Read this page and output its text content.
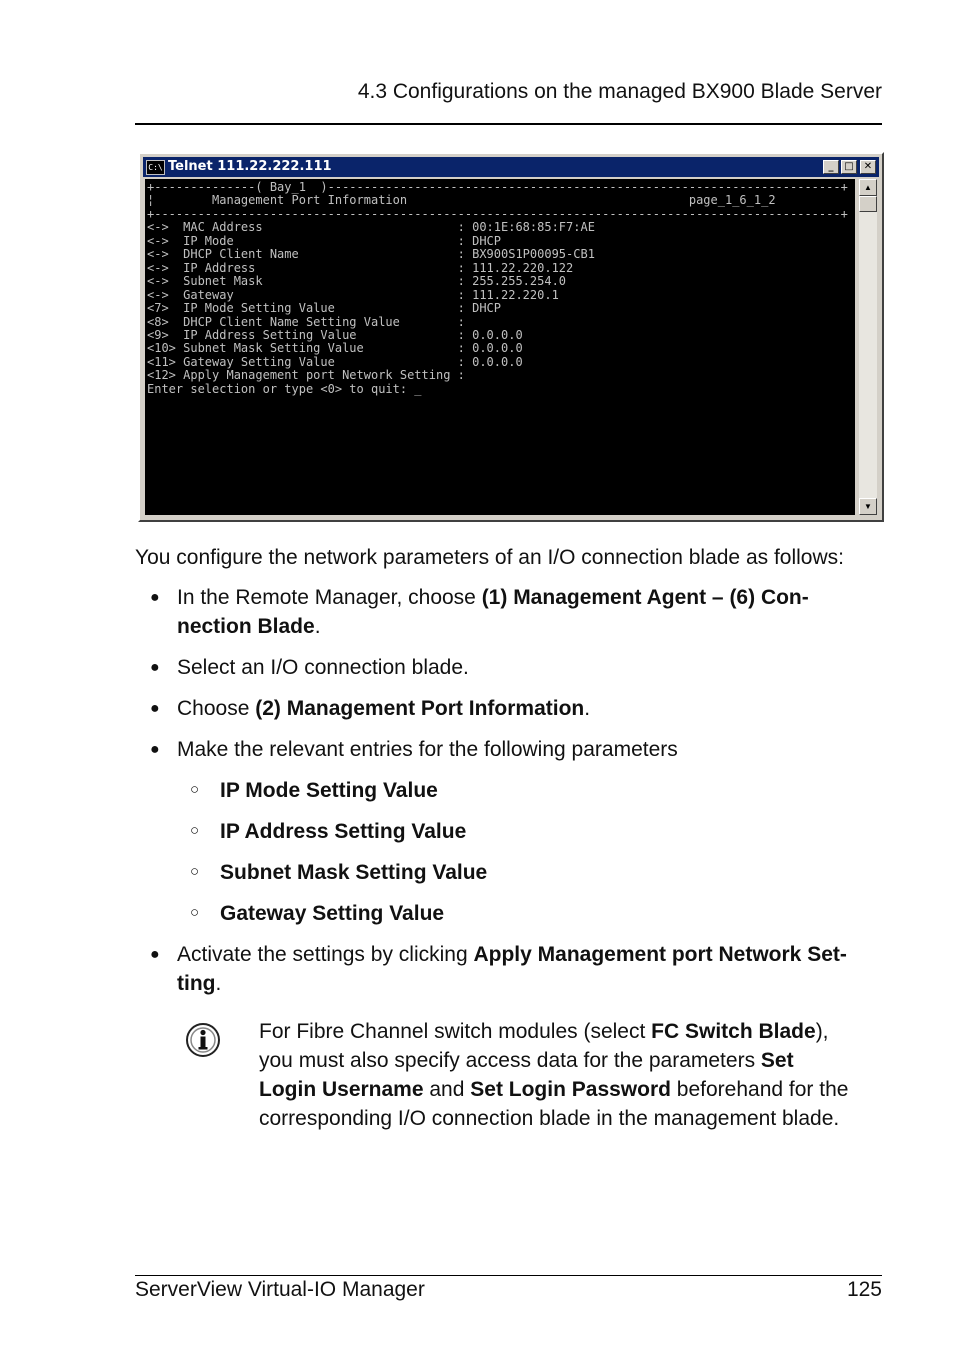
4.3 Configurations on the managed BX900 Blade Server
C:\ Telnet 111.22.222.111	_	□	✕
+--------------( Bay_1  )-----------------------------------------------------------------------+
¦        Management Port Information                                       page_1_6_1_2
+-----------------------------------------------------------------------------------------------+
<->  MAC Address                           : 00:1E:68:85:F7:AE
<->  IP Mode                               : DHCP
<->  DHCP Client Name                      : BX900S1P00095-CB1
<->  IP Address                            : 111.22.220.122
<->  Subnet Mask                           : 255.255.254.0
<->  Gateway                               : 111.22.220.1
<7>  IP Mode Setting Value                 : DHCP
<8>  DHCP Client Name Setting Value        :
<9>  IP Address Setting Value              : 0.0.0.0
<10> Subnet Mask Setting Value             : 0.0.0.0
<11> Gateway Setting Value                 : 0.0.0.0
<12> Apply Management port Network Setting :
Enter selection or type <0> to quit: _
▲
▼
You configure the network parameters of an I/O connection blade as follows:
● In the Remote Manager, choose (1) Management Agent – (6) Con-
nection Blade.
● Select an I/O connection blade.
● Choose (2) Management Port Information.
● Make the relevant entries for the following parameters
○ IP Mode Setting Value
○ IP Address Setting Value
○ Subnet Mask Setting Value
○ Gateway Setting Value
● Activate the settings by clicking Apply Management port Network Set-
ting.
For Fibre Channel switch modules (select FC Switch Blade),
you must also specify access data for the parameters Set
Login Username and Set Login Password beforehand for the
corresponding I/O connection blade in the management blade.
ServerView Virtual-IO Manager	125
